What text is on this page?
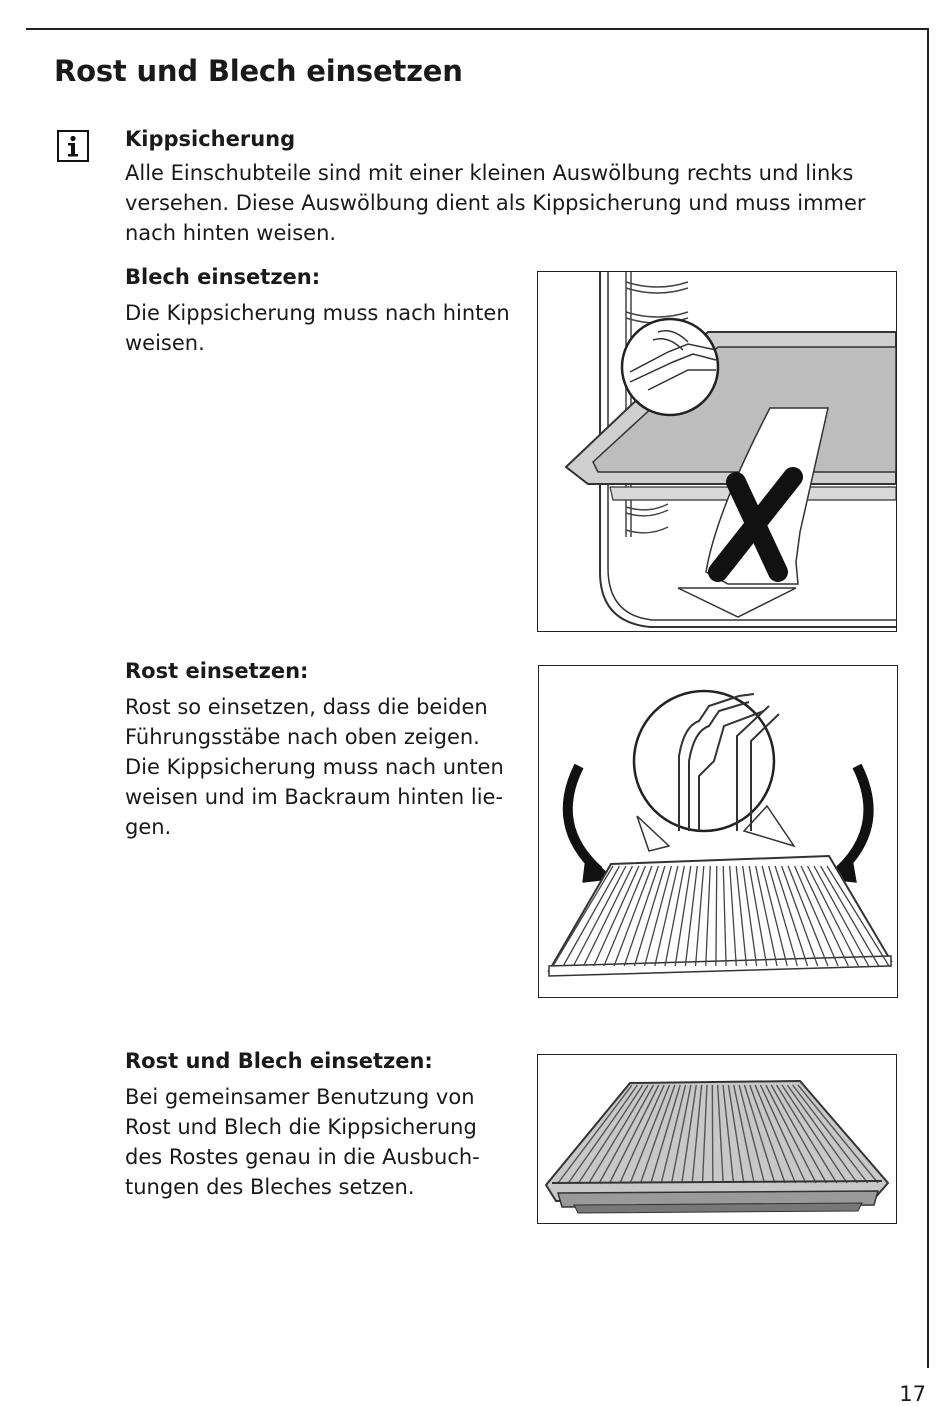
Rost und Blech einsetzen
Kippsicherung
Alle Einschubteile sind mit einer kleinen Auswölbung rechts und links
versehen. Diese Auswölbung dient als Kippsicherung und muss immer
nach hinten weisen.
Blech einsetzen:
Die Kippsicherung muss nach hinten
weisen.
Rost einsetzen:
Rost so einsetzen, dass die beiden
Führungsstäbe nach oben zeigen.
Die Kippsicherung muss nach unten
weisen und im Backraum hinten lie-
gen.
Rost und Blech einsetzen:
Bei gemeinsamer Benutzung von
Rost und Blech die Kippsicherung
des Rostes genau in die Ausbuch-
tungen des Bleches setzen.
17
